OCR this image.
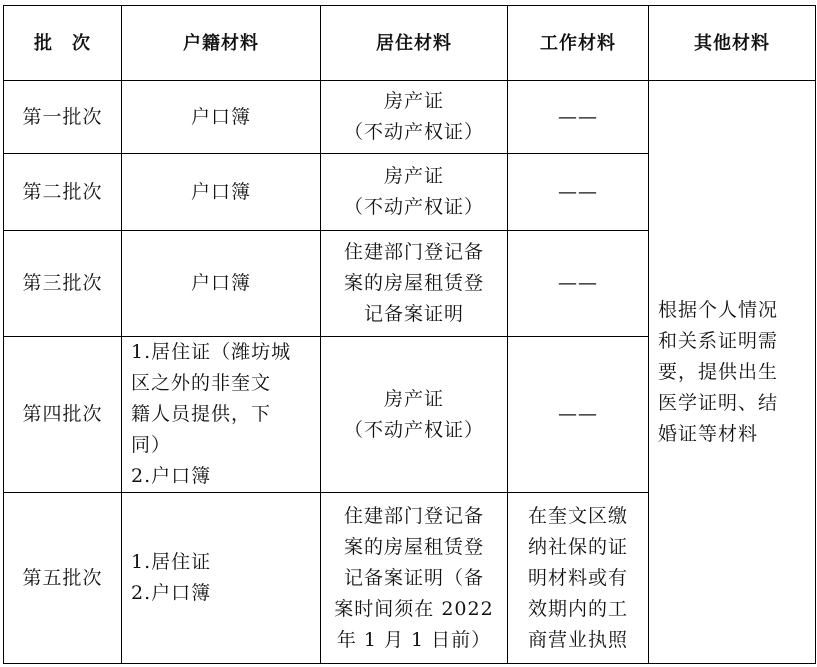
批　次	户籍材料	居住材料	工作材料	其他材料
第一批次	户口簿	房产证
（不动产权证）	——	根据个人情况
和关系证明需
要，提供出生
医学证明、结
婚证等材料

第二批次	户口簿	房产证
（不动产权证）	——	

第三批次	户口簿	住建部门登记备
案的房屋租赁登
记备案证明	——	

第四批次	1.居住证（潍坊城
区之外的非奎文
籍人员提供，下
同）
2.户口簿	房产证
（不动产权证）	——	

第五批次	1.居住证
2.户口簿	住建部门登记备
案的房屋租赁登
记备案证明（备
案时间须在 2022
年 1 月 1 日前）	在奎文区缴
纳社保的证
明材料或有
效期内的工
商营业执照	
